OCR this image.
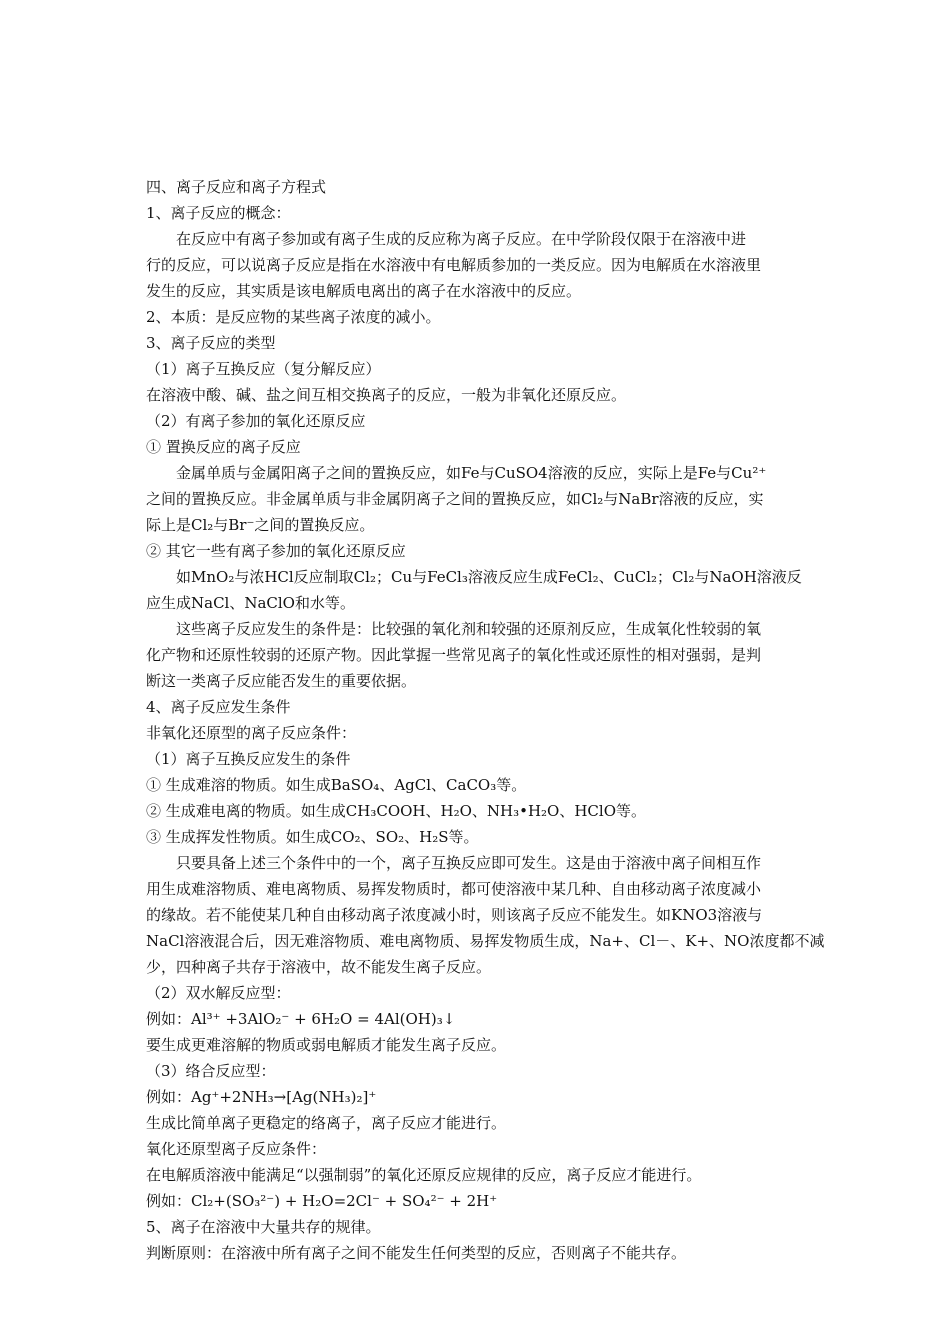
四、离子反应和离子方程式
1、离子反应的概念：
在反应中有离子参加或有离子生成的反应称为离子反应。在中学阶段仅限于在溶液中进
行的反应，可以说离子反应是指在水溶液中有电解质参加的一类反应。因为电解质在水溶液里
发生的反应，其实质是该电解质电离出的离子在水溶液中的反应。
2、本质：是反应物的某些离子浓度的减小。
3、离子反应的类型
（1）离子互换反应（复分解反应）
在溶液中酸、碱、盐之间互相交换离子的反应，一般为非氧化还原反应。
（2）有离子参加的氧化还原反应
① 置换反应的离子反应
金属单质与金属阳离子之间的置换反应，如Fe与CuSO4溶液的反应，实际上是Fe与Cu²⁺
之间的置换反应。非金属单质与非金属阴离子之间的置换反应，如Cl₂与NaBr溶液的反应，实
际上是Cl₂与Br⁻之间的置换反应。
② 其它一些有离子参加的氧化还原反应
如MnO₂与浓HCl反应制取Cl₂；Cu与FeCl₃溶液反应生成FeCl₂、CuCl₂；Cl₂与NaOH溶液反
应生成NaCl、NaClO和水等。
这些离子反应发生的条件是：比较强的氧化剂和较强的还原剂反应，生成氧化性较弱的氧
化产物和还原性较弱的还原产物。因此掌握一些常见离子的氧化性或还原性的相对强弱，是判
断这一类离子反应能否发生的重要依据。
4、离子反应发生条件
非氧化还原型的离子反应条件：
（1）离子互换反应发生的条件
① 生成难溶的物质。如生成BaSO₄、AgCl、CaCO₃等。
② 生成难电离的物质。如生成CH₃COOH、H₂O、NH₃•H₂O、HClO等。
③ 生成挥发性物质。如生成CO₂、SO₂、H₂S等。
只要具备上述三个条件中的一个，离子互换反应即可发生。这是由于溶液中离子间相互作
用生成难溶物质、难电离物质、易挥发物质时，都可使溶液中某几种、自由移动离子浓度减小
的缘故。若不能使某几种自由移动离子浓度减小时，则该离子反应不能发生。如KNO3溶液与
NaCl溶液混合后，因无难溶物质、难电离物质、易挥发物质生成，Na+、Cl－、K+、NO浓度都不减
少，四种离子共存于溶液中，故不能发生离子反应。
（2）双水解反应型：
例如：Al³⁺ +3AlO₂⁻ + 6H₂O = 4Al(OH)₃↓
要生成更难溶解的物质或弱电解质才能发生离子反应。
（3）络合反应型：
例如：Ag⁺+2NH₃→[Ag(NH₃)₂]⁺
生成比简单离子更稳定的络离子，离子反应才能进行。
氧化还原型离子反应条件：
在电解质溶液中能满足“以强制弱”的氧化还原反应规律的反应，离子反应才能进行。
例如：Cl₂+(SO₃²⁻) + H₂O=2Cl⁻ + SO₄²⁻ + 2H⁺
5、离子在溶液中大量共存的规律。
判断原则：在溶液中所有离子之间不能发生任何类型的反应，否则离子不能共存。
